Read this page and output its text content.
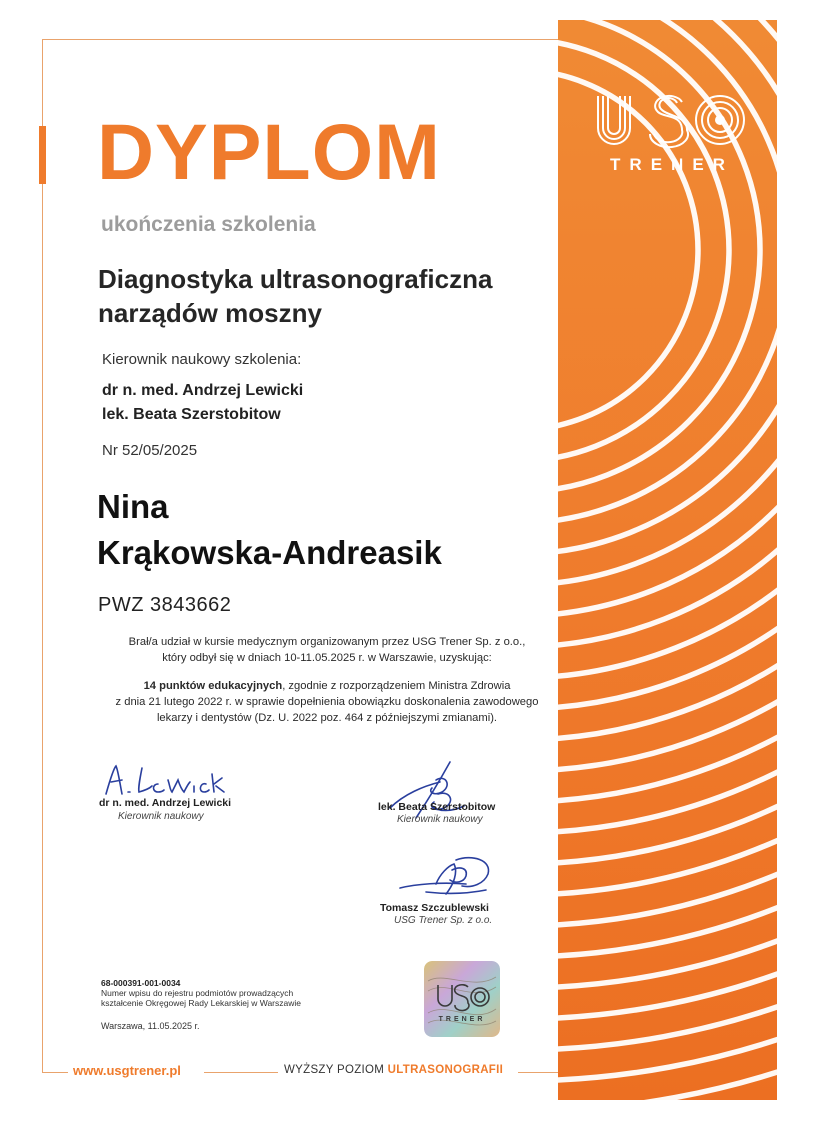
TRENER
DYPLOM
ukończenia szkolenia
Diagnostyka ultrasonograficzna
narządów moszny
Kierownik naukowy szkolenia:
dr n. med. Andrzej Lewicki
lek. Beata Szerstobitow
Nr 52/05/2025
Nina
Krąkowska-Andreasik
PWZ 3843662

Brał/a udział w kursie medycznym organizowanym przez USG Trener Sp. z o.o.,
który odbył się w dniach 10-11.05.2025 r. w Warszawie, uzyskując:

14 punktów edukacyjnych, zgodnie z rozporządzeniem Ministra Zdrowia
z dnia 21 lutego 2022 r. w sprawie dopełnienia obowiązku doskonalenia zawodowego
lekarzy i dentystów (Dz. U. 2022 poz. 464 z późniejszymi zmianami).

dr n. med. Andrzej Lewicki
Kierownik naukowy
lek. Beata Szerstobitow
Kierownik naukowy
Tomasz Szczublewski
USG Trener Sp. z o.o.
68-000391-001-0034
Numer wpisu do rejestru podmiotów prowadzących
kształcenie Okręgowej Rady Lekarskiej w Warszawie
Warszawa, 11.05.2025 r.
TRENER
www.usgtrener.pl	WYŻSZY POZIOM ULTRASONOGRAFII
